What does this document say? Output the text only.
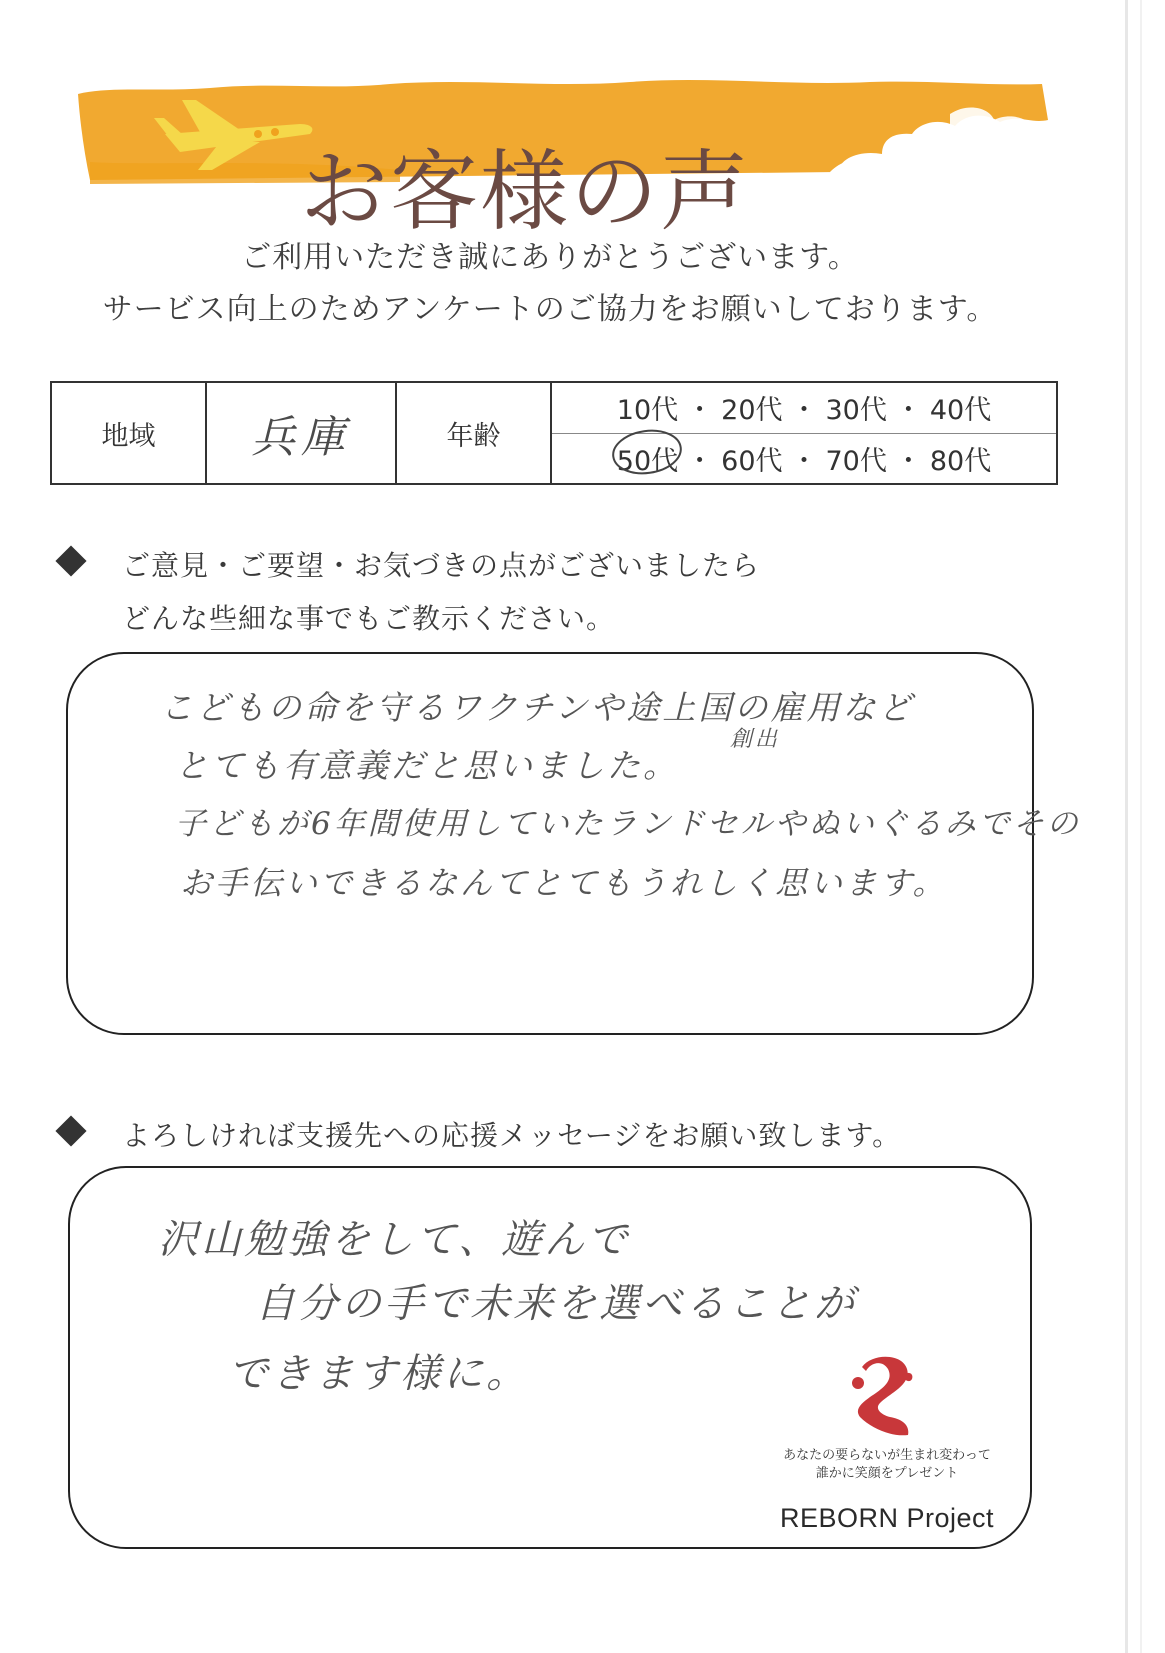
お客様の声
ご利用いただき誠にありがとうございます。
サービス向上のためアンケートのご協力をお願いしております。
地域	兵庫	年齢
10代 ・ 20代 ・ 30代 ・ 40代
50代 ・ 60代 ・ 70代 ・ 80代
ご意見・ご要望・お気づきの点がございましたら
どんな些細な事でもご教示ください。
こどもの命を守るワクチンや途上国の雇用など
創出
とても有意義だと思いました。
子どもが6年間使用していたランドセルやぬいぐるみでその
お手伝いできるなんてとてもうれしく思います。
よろしければ支援先への応援メッセージをお願い致します。
沢山勉強をして、遊んで
自分の手で未来を選べることが
できます様に。
あなたの要らないが生まれ変わって
誰かに笑顔をプレゼント
REBORN Project
